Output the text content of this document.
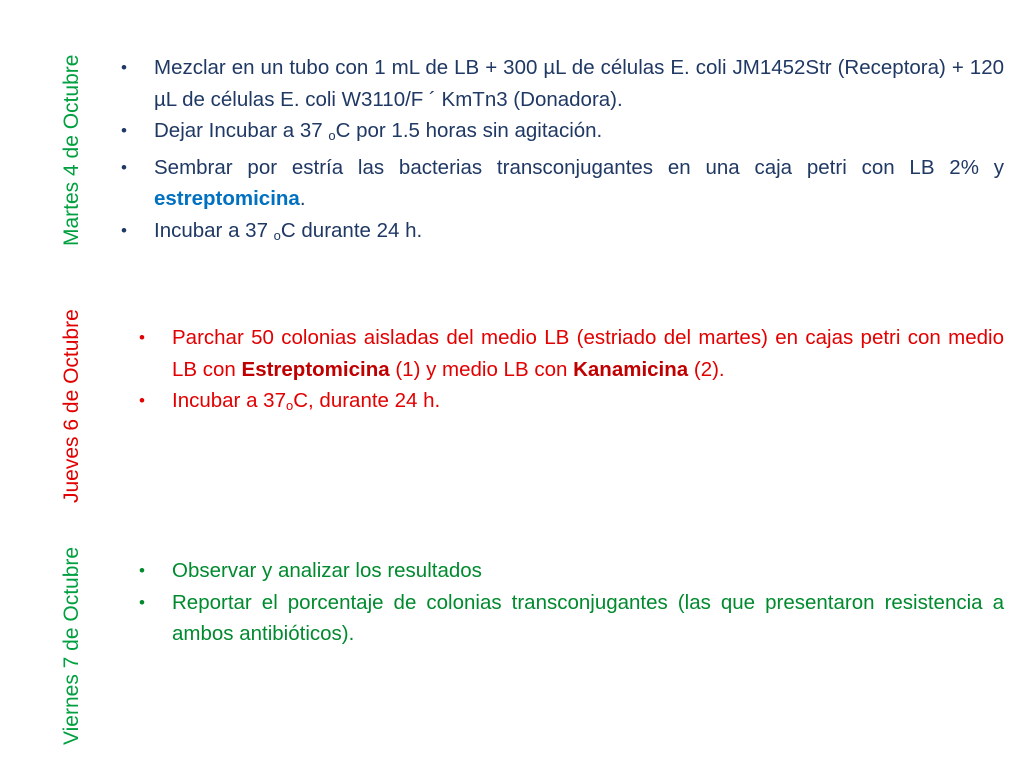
Martes 4 de Octubre
Jueves 6 de Octubre
Viernes 7 de Octubre
• Mezclar en un tubo con 1 mL de LB + 300 µL de células E. coli JM1452Str (Receptora) + 120 µL de células E. coli W3110/F ´ KmTn3 (Donadora).
• Dejar Incubar a 37 $_o$C por 1.5 horas sin agitación.
• Sembrar por estría las bacterias transconjugantes en una caja petri con LB 2% y estreptomicina.
• Incubar a 37 $_o$C durante 24 h.
• Parchar 50 colonias aisladas del medio LB (estriado del martes) en cajas petri con medio LB con Estreptomicina (1) y medio LB con Kanamicina (2).
• Incubar a $37_oC$, durante 24 h.
• Observar y analizar los resultados
• Reportar el porcentaje de colonias transconjugantes (las que presentaron resistencia a ambos antibióticos).
